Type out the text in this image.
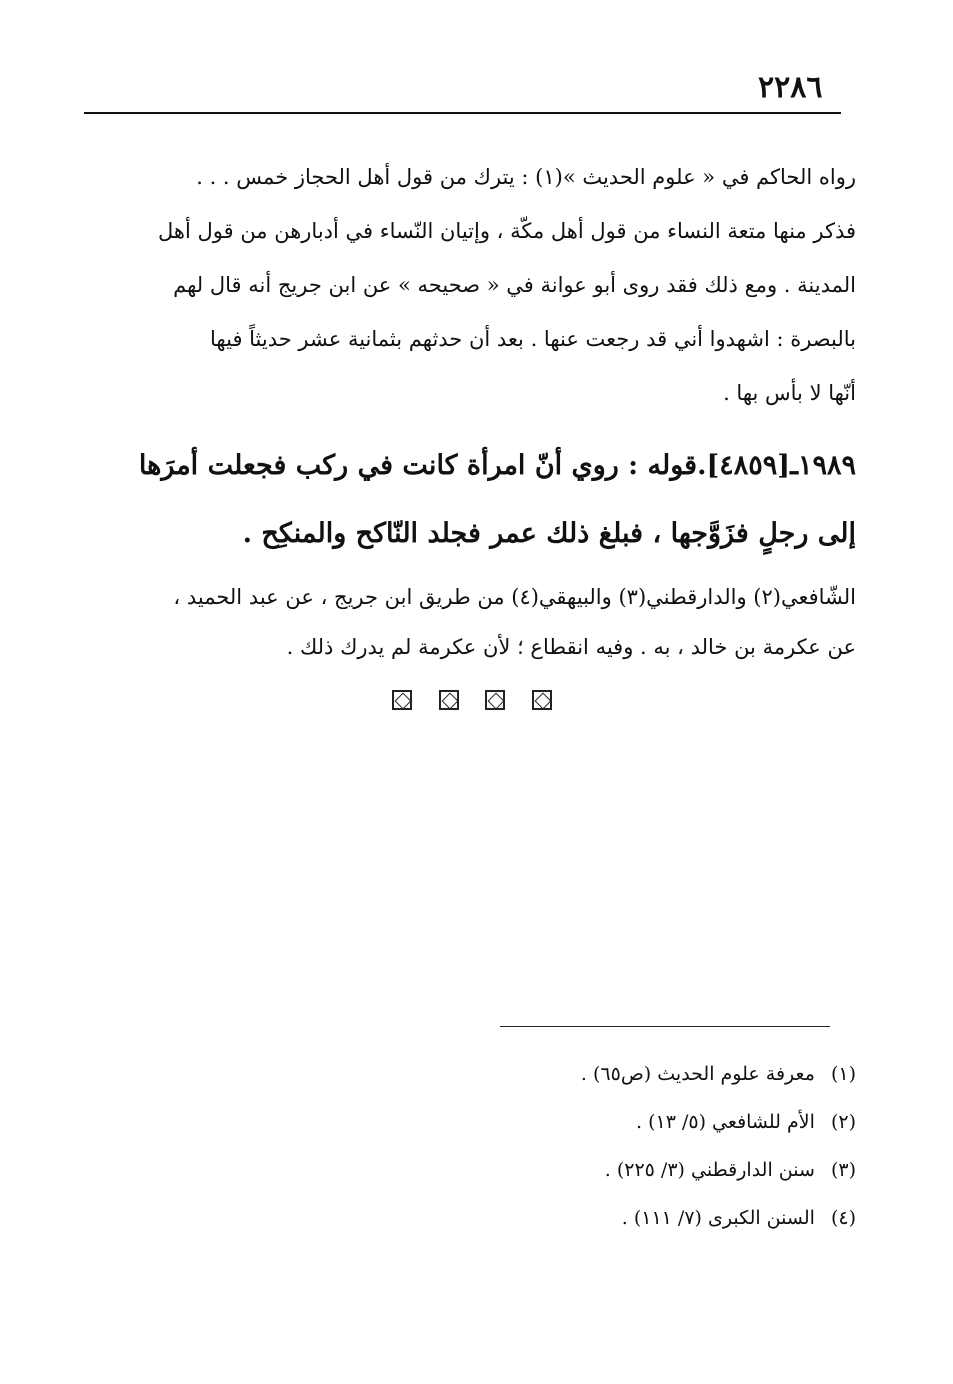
٢٢٨٦
رواه الحاكم في « علوم الحديث »(١) : يترك من قول أهل الحجاز خمس . . .
فذكر منها متعة النساء من قول أهل مكّة ، وإتيان النّساء في أدبارهن من قول أهل
المدينة . ومع ذلك فقد روى أبو عوانة في « صحيحه » عن ابن جريج أنه قال لهم
بالبصرة : اشهدوا أني قد رجعت عنها . بعد أن حدثهم بثمانية عشر حديثاً فيها
أنّها لا بأس بها .
١٩٨٩ـ[٤٨٥٩].قوله : روي أنّ امرأة كانت في ركب فجعلت أمرَها
إلى رجلٍ فزَوَّجها ، فبلغ ذلك عمر فجلد النّاكح والمنكِح .
الشّافعي(٢) والدارقطني(٣) والبيهقي(٤) من طريق ابن جريج ، عن عبد الحميد ،
عن عكرمة بن خالد ، به . وفيه انقطاع ؛ لأن عكرمة لم يدرك ذلك .
(١) معرفة علوم الحديث (ص٦٥) .
(٢) الأم للشافعي (٥/ ١٣) .
(٣) سنن الدارقطني (٣/ ٢٢٥) .
(٤) السنن الكبرى (٧/ ١١١) .
